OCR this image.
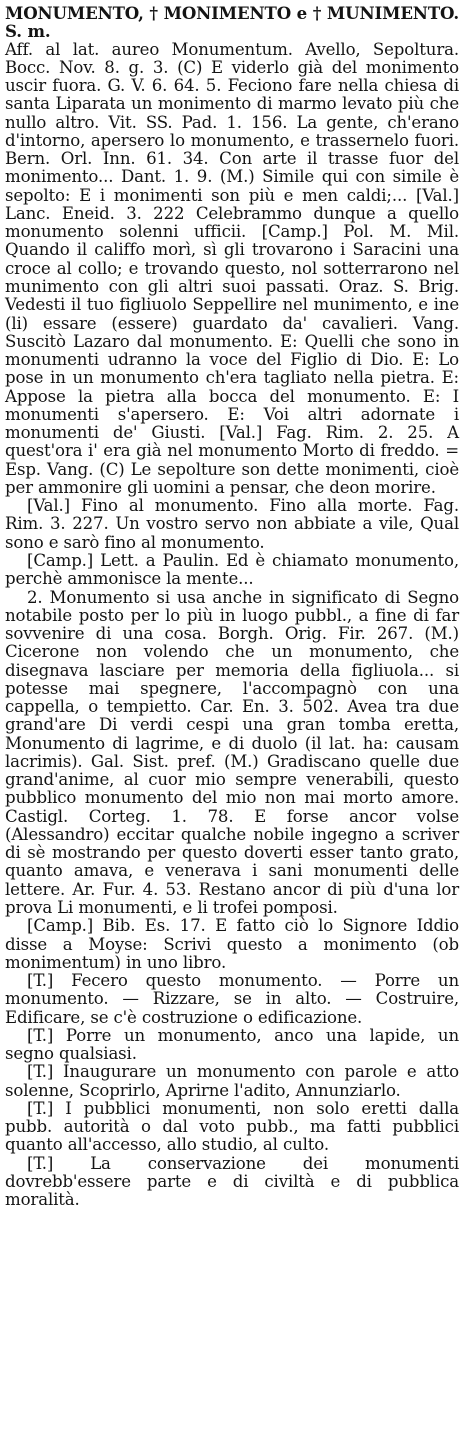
MONUMENTO, † MONIMENTO e † MUNIMENTO. S. m.

Aff. al lat. aureo Monumentum. Avello, Sepoltura. Bocc. Nov. 8. g. 3. (C) E viderlo già del monimento uscir fuora. G. V. 6. 64. 5. Feciono fare nella chiesa di santa Liparata un monimento di marmo levato più che nullo altro. Vit. SS. Pad. 1. 156. La gente, ch'erano d'intorno, apersero lo monumento, e trassernelo fuori. Bern. Orl. Inn. 61. 34. Con arte il trasse fuor del monimento... Dant. 1. 9. (M.) Simile qui con simile è sepolto: E i monimenti son più e men caldi;... [Val.] Lanc. Eneid. 3. 222 Celebrammo dunque a quello monumento solenni ufficii. [Camp.] Pol. M. Mil. Quando il califfo morì, sì gli trovarono i Saracini una croce al collo; e trovando questo, nol sotterrarono nel munimento con gli altri suoi passati. Oraz. S. Brig. Vedesti il tuo figliuolo Seppellire nel munimento, e ine (li) essare (essere) guardato da' cavalieri. Vang. Suscitò Lazaro dal monumento. E: Quelli che sono in monumenti udranno la voce del Figlio di Dio. E: Lo pose in un monumento ch'era tagliato nella pietra. E: Appose la pietra alla bocca del monumento. E: I monumenti s'apersero. E: Voi altri adornate i monumenti de' Giusti. [Val.] Fag. Rim. 2. 25. A quest'ora i' era già nel monumento Morto di freddo. = Esp. Vang. (C) Le sepolture son dette monimenti, cioè per ammonire gli uomini a pensar, che deon morire.

[Val.] Fino al monumento. Fino alla morte. Fag. Rim. 3. 227. Un vostro servo non abbiate a vile, Qual sono e sarò fino al monumento.

[Camp.] Lett. a Paulin. Ed è chiamato monumento, perchè ammonisce la mente...

2. Monumento si usa anche in significato di Segno notabile posto per lo più in luogo pubbl., a fine di far sovvenire di una cosa. Borgh. Orig. Fir. 267. (M.) Cicerone non volendo che un monumento, che disegnava lasciare per memoria della figliuola... si potesse mai spegnere, l'accompagnò con una cappella, o tempietto. Car. En. 3. 502. Avea tra due grand'are Di verdi cespi una gran tomba eretta, Monumento di lagrime, e di duolo (il lat. ha: causam lacrimis). Gal. Sist. pref. (M.) Gradiscano quelle due grand'anime, al cuor mio sempre venerabili, questo pubblico monumento del mio non mai morto amore. Castigl. Corteg. 1. 78. E forse ancor volse (Alessandro) eccitar qualche nobile ingegno a scriver di sè mostrando per questo doverti esser tanto grato, quanto amava, e venerava i sani monumenti delle lettere. Ar. Fur. 4. 53. Restano ancor di più d'una lor prova Li monumenti, e li trofei pomposi.

[Camp.] Bib. Es. 17. E fatto ciò lo Signore Iddio disse a Moyse: Scrivi questo a monimento (ob monimentum) in uno libro.

[T.] Fecero questo monumento. — Porre un monumento. — Rizzare, se in alto. — Costruire, Edificare, se c'è costruzione o edificazione.

[T.] Porre un monumento, anco una lapide, un segno qualsiasi.

[T.] Inaugurare un monumento con parole e atto solenne, Scoprirlo, Aprirne l'adito, Annunziarlo.

[T.] I pubblici monumenti, non solo eretti dalla pubb. autorità o dal voto pubb., ma fatti pubblici quanto all'accesso, allo studio, al culto.

[T.] La conservazione dei monumenti dovrebb'essere parte e di civiltà e di pubblica moralità.
